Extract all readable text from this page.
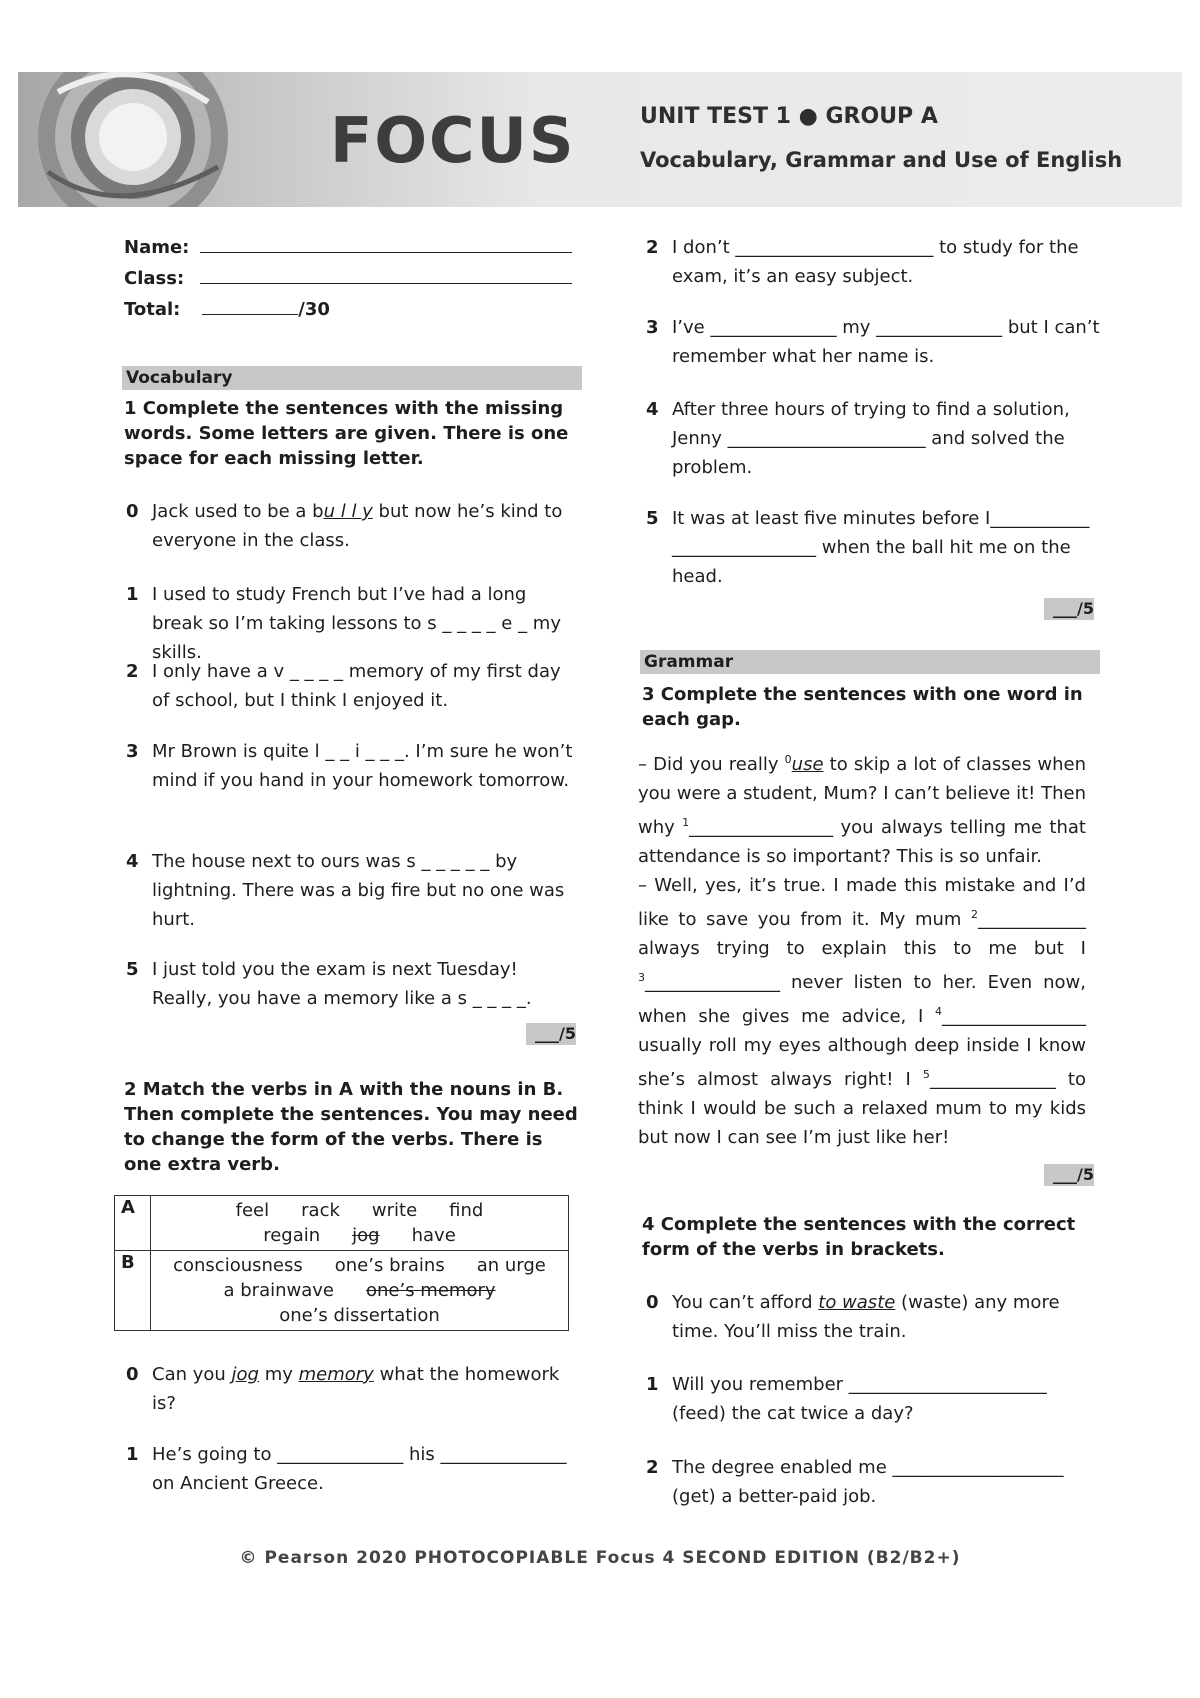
FOCUS	UNIT TEST 1 ● GROUP A
Vocabulary, Grammar and Use of English
Name:
Class:
Total:	/30
Vocabulary
1 Complete the sentences with the missing words. Some letters are given. There is one space for each missing letter.
0 Jack used to be a bu l l y but now he’s kind to everyone in the class.
1 I used to study French but I’ve had a long break so I’m taking lessons to s _ _ _ _ e _ my skills.
2 I only have a v _ _ _ _ memory of my first day of school, but I think I enjoyed it.
3 Mr Brown is quite l _ _ i _ _ _. I’m sure he won’t mind if you hand in your homework tomorrow.
4 The house next to ours was s _ _ _ _ _ by lightning. There was a big fire but no one was hurt.
5 I just told you the exam is next Tuesday! Really, you have a memory like a s _ _ _ _.
___/5
2 Match the verbs in A with the nouns in B. Then complete the sentences. You may need to change the form of the verbs. There is one extra verb.
A	feel rack write find
regain jog have
B	consciousness one’s brains an urge
a brainwave one’s memory
one’s dissertation
0 Can you jog my memory what the homework is?
1 He’s going to ______________ his ______________ on Ancient Greece.
2 I don’t ______________________ to study for the exam, it’s an easy subject.
3 I’ve ______________ my ______________ but I can’t remember what her name is.
4 After three hours of trying to find a solution, Jenny ______________________ and solved the problem.
5 It was at least five minutes before I___________ ________________ when the ball hit me on the head.
___/5
Grammar
3 Complete the sentences with one word in each gap.
– Did you really $^0$use to skip a lot of classes when you were a student, Mum? I can’t believe it! Then why $^1$________________ you always telling me that attendance is so important? This is so unfair.
– Well, yes, it’s true. I made this mistake and I’d like to save you from it. My mum $^2$____________ always trying to explain this to me but I $^3$_______________ never listen to her. Even now, when she gives me advice, I $^4$________________ usually roll my eyes although deep inside I know she’s almost always right! I $^5$______________ to think I would be such a relaxed mum to my kids but now I can see I’m just like her!
___/5
4 Complete the sentences with the correct form of the verbs in brackets.
0 You can’t afford to waste (waste) any more time. You’ll miss the train.
1 Will you remember ______________________ (feed) the cat twice a day?
2 The degree enabled me ___________________ (get) a better-paid job.
© Pearson 2020 PHOTOCOPIABLE Focus 4 SECOND EDITION (B2/B2+)
